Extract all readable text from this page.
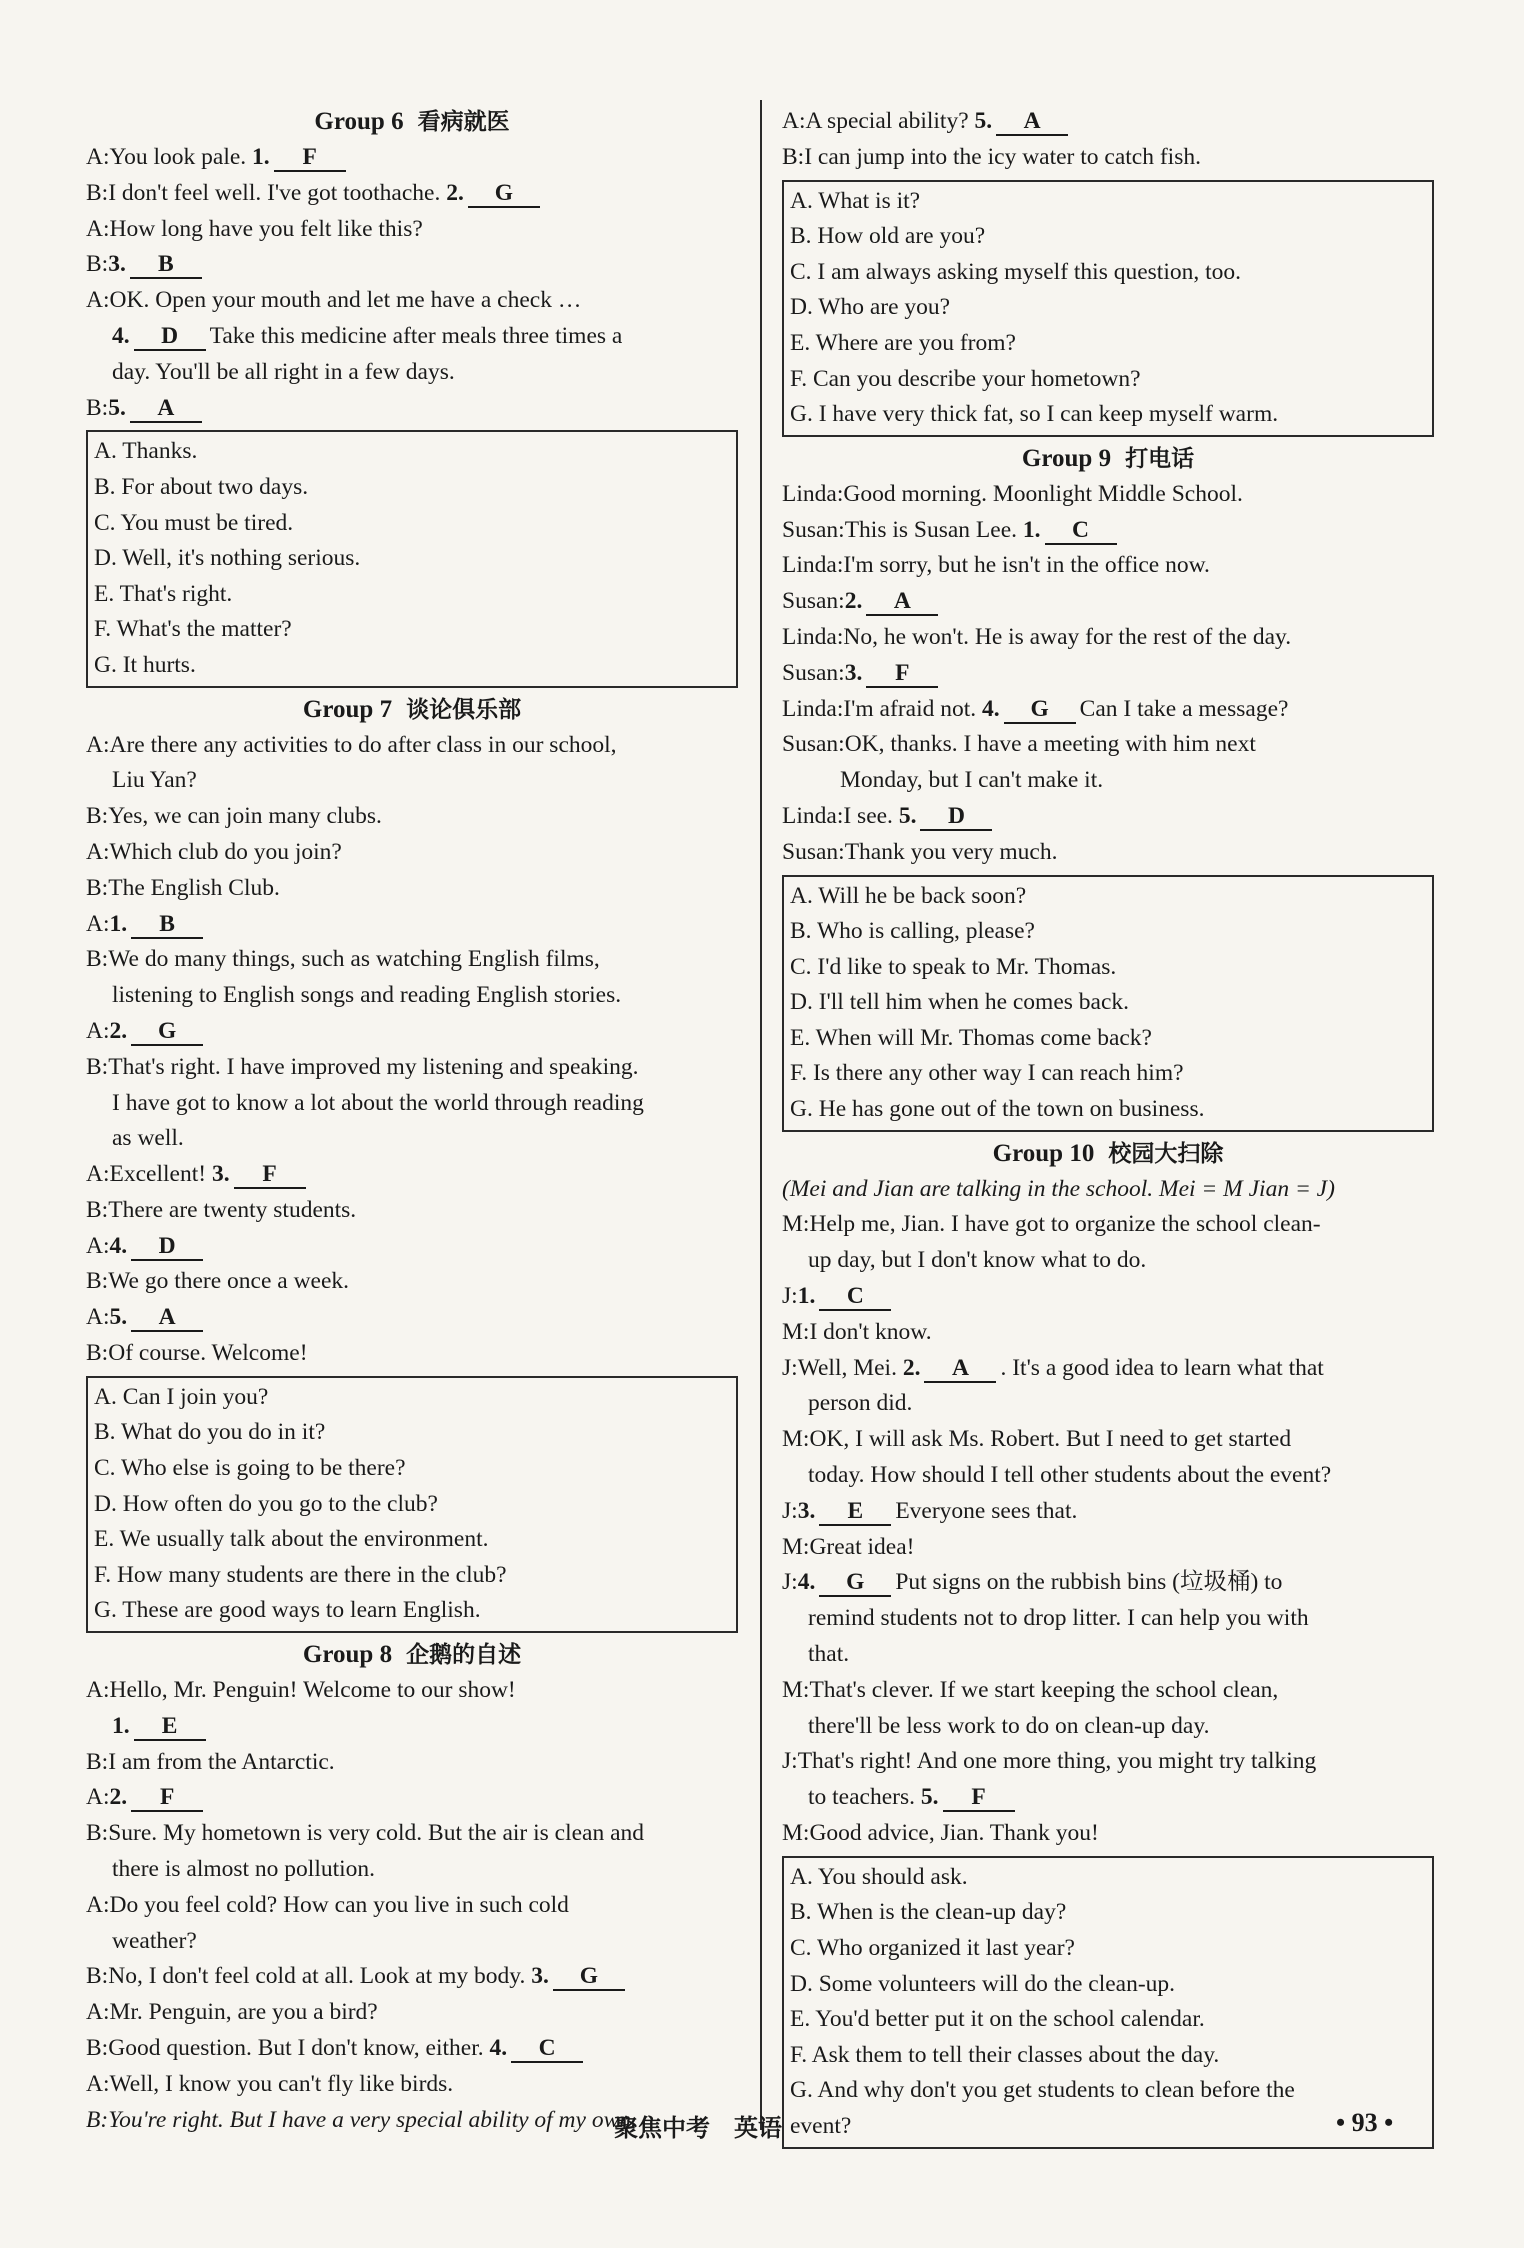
Group 6 看病就医
A: You look pale. 1. F
B: I don't feel well. I've got toothache. 2. G
A: How long have you felt like this?
B: 3. B
A: OK. Open your mouth and let me have a check …
4. D Take this medicine after meals three times a
day. You'll be all right in a few days.
B: 5. A
A. Thanks.
B. For about two days.
C. You must be tired.
D. Well, it's nothing serious.
E. That's right.
F. What's the matter?
G. It hurts.
Group 7 谈论俱乐部
A: Are there any activities to do after class in our school,
Liu Yan?
B: Yes, we can join many clubs.
A: Which club do you join?
B: The English Club.
A: 1. B
B: We do many things, such as watching English films,
listening to English songs and reading English stories.
A: 2. G
B: That's right. I have improved my listening and speaking.
I have got to know a lot about the world through reading
as well.
A: Excellent! 3. F
B: There are twenty students.
A: 4. D
B: We go there once a week.
A: 5. A
B: Of course. Welcome!
A. Can I join you?
B. What do you do in it?
C. Who else is going to be there?
D. How often do you go to the club?
E. We usually talk about the environment.
F. How many students are there in the club?
G. These are good ways to learn English.
Group 8 企鹅的自述
A: Hello, Mr. Penguin! Welcome to our show!
1. E
B: I am from the Antarctic.
A: 2. F
B: Sure. My hometown is very cold. But the air is clean and
there is almost no pollution.
A: Do you feel cold? How can you live in such cold
weather?
B: No, I don't feel cold at all. Look at my body. 3. G
A: Mr. Penguin, are you a bird?
B: Good question. But I don't know, either. 4. C
A: Well, I know you can't fly like birds.
B: You're right. But I have a very special ability of my own.
A: A special ability? 5. A
B: I can jump into the icy water to catch fish.
A. What is it?
B. How old are you?
C. I am always asking myself this question, too.
D. Who are you?
E. Where are you from?
F. Can you describe your hometown?
G. I have very thick fat, so I can keep myself warm.
Group 9 打电话
Linda: Good morning. Moonlight Middle School.
Susan: This is Susan Lee. 1. C
Linda: I'm sorry, but he isn't in the office now.
Susan: 2. A
Linda: No, he won't. He is away for the rest of the day.
Susan: 3. F
Linda: I'm afraid not. 4. G Can I take a message?
Susan: OK, thanks. I have a meeting with him next
Monday, but I can't make it.
Linda: I see. 5. D
Susan: Thank you very much.
A. Will he be back soon?
B. Who is calling, please?
C. I'd like to speak to Mr. Thomas.
D. I'll tell him when he comes back.
E. When will Mr. Thomas come back?
F. Is there any other way I can reach him?
G. He has gone out of the town on business.
Group 10 校园大扫除
(Mei and Jian are talking in the school. Mei = M Jian = J)
M: Help me, Jian. I have got to organize the school clean-
up day, but I don't know what to do.
J: 1. C
M: I don't know.
J: Well, Mei. 2. A . It's a good idea to learn what that
person did.
M: OK, I will ask Ms. Robert. But I need to get started
today. How should I tell other students about the event?
J: 3. E Everyone sees that.
M: Great idea!
J: 4. G Put signs on the rubbish bins (垃圾桶) to
remind students not to drop litter. I can help you with
that.
M: That's clever. If we start keeping the school clean,
there'll be less work to do on clean-up day.
J: That's right! And one more thing, you might try talking
to teachers. 5. F
M: Good advice, Jian. Thank you!
A. You should ask.
B. When is the clean-up day?
C. Who organized it last year?
D. Some volunteers will do the clean-up.
E. You'd better put it on the school calendar.
F. Ask them to tell their classes about the day.
G. And why don't you get students to clean before the
event?
聚焦中考　英语	• 93 •
